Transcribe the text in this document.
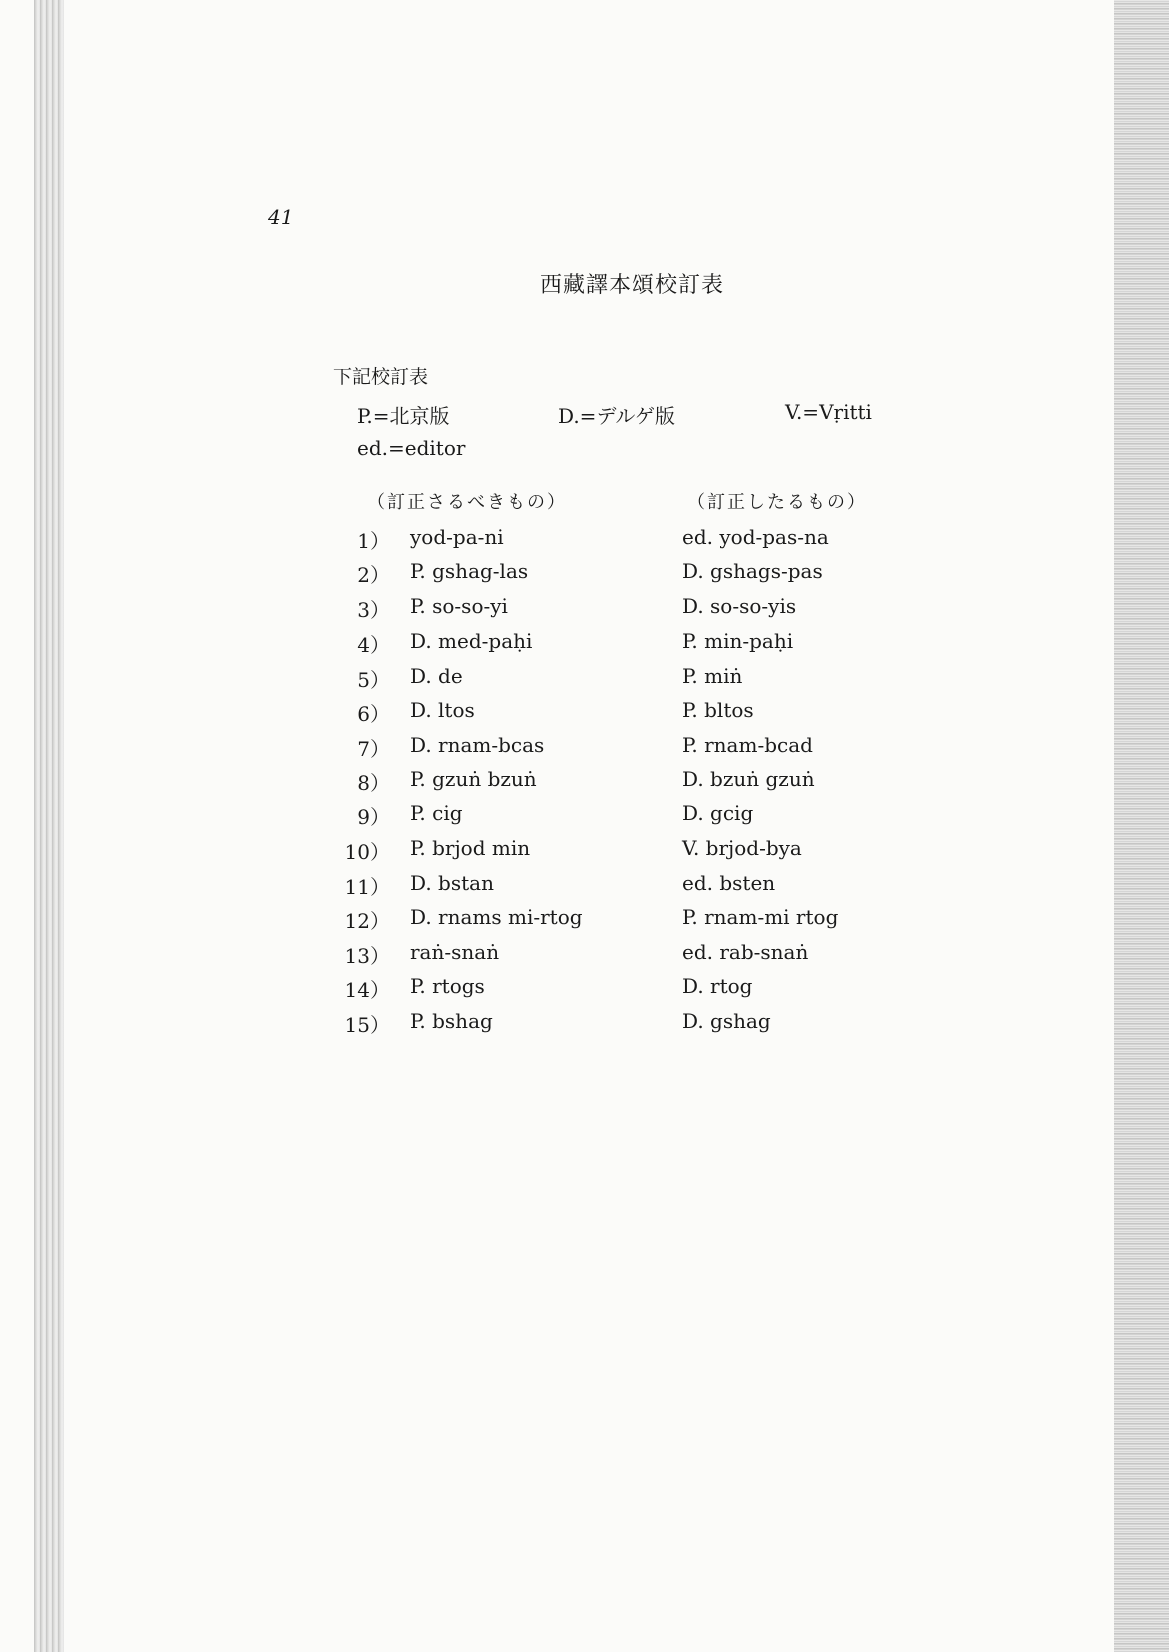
41
西藏譯本頌校訂表
下記校訂表
P.=北京版	D.=デルゲ版	V.=Vṛitti
ed.=editor
（訂正さるべきもの）	（訂正したるもの）
1） yod-pa-ni	ed. yod-pas-na
2） P. gshag-las	D. gshags-pas
3） P. so-so-yi	D. so-so-yis
4） D. med-paḥi	P. min-paḥi
5） D. de	P. miṅ
6） D. ltos	P. bltos
7） D. rnam-bcas	P. rnam-bcad
8） P. gzuṅ bzuṅ	D. bzuṅ gzuṅ
9） P. cig	D. gcig
10） P. brjod min	V. brjod-bya
11） D. bstan	ed. bsten
12） D. rnams mi-rtog	P. rnam-mi rtog
13） raṅ-snaṅ	ed. rab-snaṅ
14） P. rtogs	D. rtog
15） P. bshag	D. gshag
